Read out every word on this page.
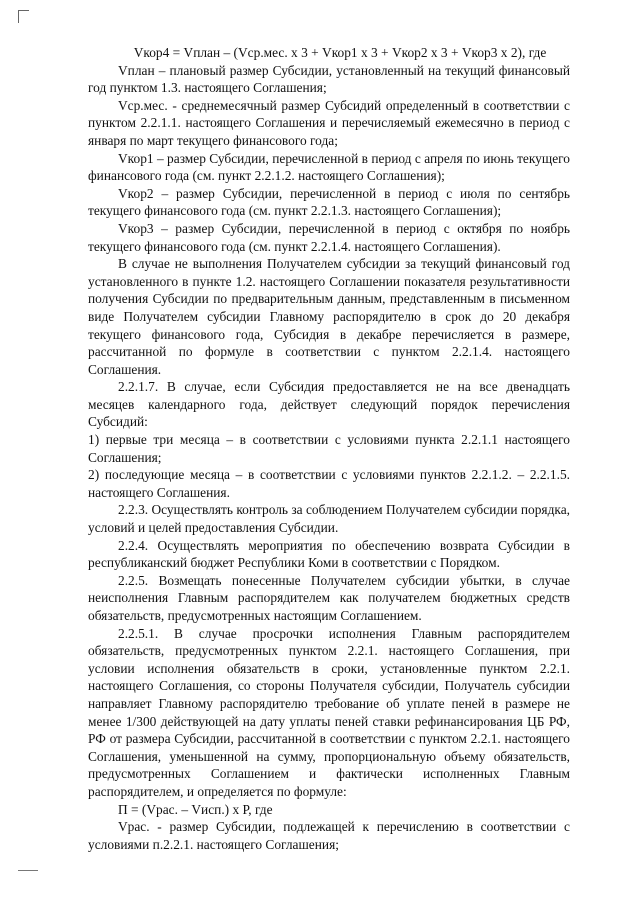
Vкор4 = Vплан – (Vср.мес. х 3 + Vкор1 х 3 + Vкор2 х 3 + Vкор3 х 2), где

Vплан – плановый размер Субсидии, установленный на текущий финансовый год пунктом 1.3. настоящего Соглашения;

Vср.мес. - среднемесячный размер Субсидий определенный в соответствии с пунктом 2.2.1.1. настоящего Соглашения и перечисляемый ежемесячно в период с января по март текущего финансового года;

Vкор1 – размер Субсидии, перечисленной в период с апреля по июнь текущего финансового года (см. пункт 2.2.1.2. настоящего Соглашения);

Vкор2 – размер Субсидии, перечисленной в период с июля по сентябрь текущего финансового года (см. пункт 2.2.1.3. настоящего Соглашения);

Vкор3 – размер Субсидии, перечисленной в период с октября по ноябрь текущего финансового года (см. пункт 2.2.1.4. настоящего Соглашения).

В случае не выполнения Получателем субсидии за текущий финансовый год установленного в пункте 1.2. настоящего Соглашении показателя результативности получения Субсидии по предварительным данным, представленным в письменном виде Получателем субсидии Главному распорядителю в срок до 20 декабря текущего финансового года, Субсидия в декабре перечисляется в размере, рассчитанной по формуле в соответствии с пунктом 2.2.1.4. настоящего Соглашения.

2.2.1.7. В случае, если Субсидия предоставляется не на все двенадцать месяцев календарного года, действует следующий порядок перечисления Субсидий:

1) первые три месяца – в соответствии с условиями пункта 2.2.1.1 настоящего Соглашения;

2) последующие месяца – в соответствии с условиями пунктов 2.2.1.2. – 2.2.1.5. настоящего Соглашения.

2.2.3. Осуществлять контроль за соблюдением Получателем субсидии порядка, условий и целей предоставления Субсидии.

2.2.4. Осуществлять мероприятия по обеспечению возврата Субсидии в республиканский бюджет Республики Коми в соответствии с Порядком.

2.2.5. Возмещать понесенные Получателем субсидии убытки, в случае неисполнения Главным распорядителем как получателем бюджетных средств обязательств, предусмотренных настоящим Соглашением.

2.2.5.1. В случае просрочки исполнения Главным распорядителем обязательств, предусмотренных пунктом 2.2.1. настоящего Соглашения, при условии исполнения обязательств в сроки, установленные пунктом 2.2.1. настоящего Соглашения, со стороны Получателя субсидии, Получатель субсидии направляет Главному распорядителю требование об уплате пеней в размере не менее 1/300 действующей на дату уплаты пеней ставки рефинансирования ЦБ РФ, РФ от размера Субсидии, рассчитанной в соответствии с пунктом 2.2.1. настоящего Соглашения, уменьшенной на сумму, пропорциональную объему обязательств, предусмотренных Соглашением и фактически исполненных Главным распорядителем, и определяется по формуле:

П = (Vрас. – Vисп.) х Р, где

Vрас. - размер Субсидии, подлежащей к перечислению в соответствии с условиями п.2.2.1. настоящего Соглашения;
